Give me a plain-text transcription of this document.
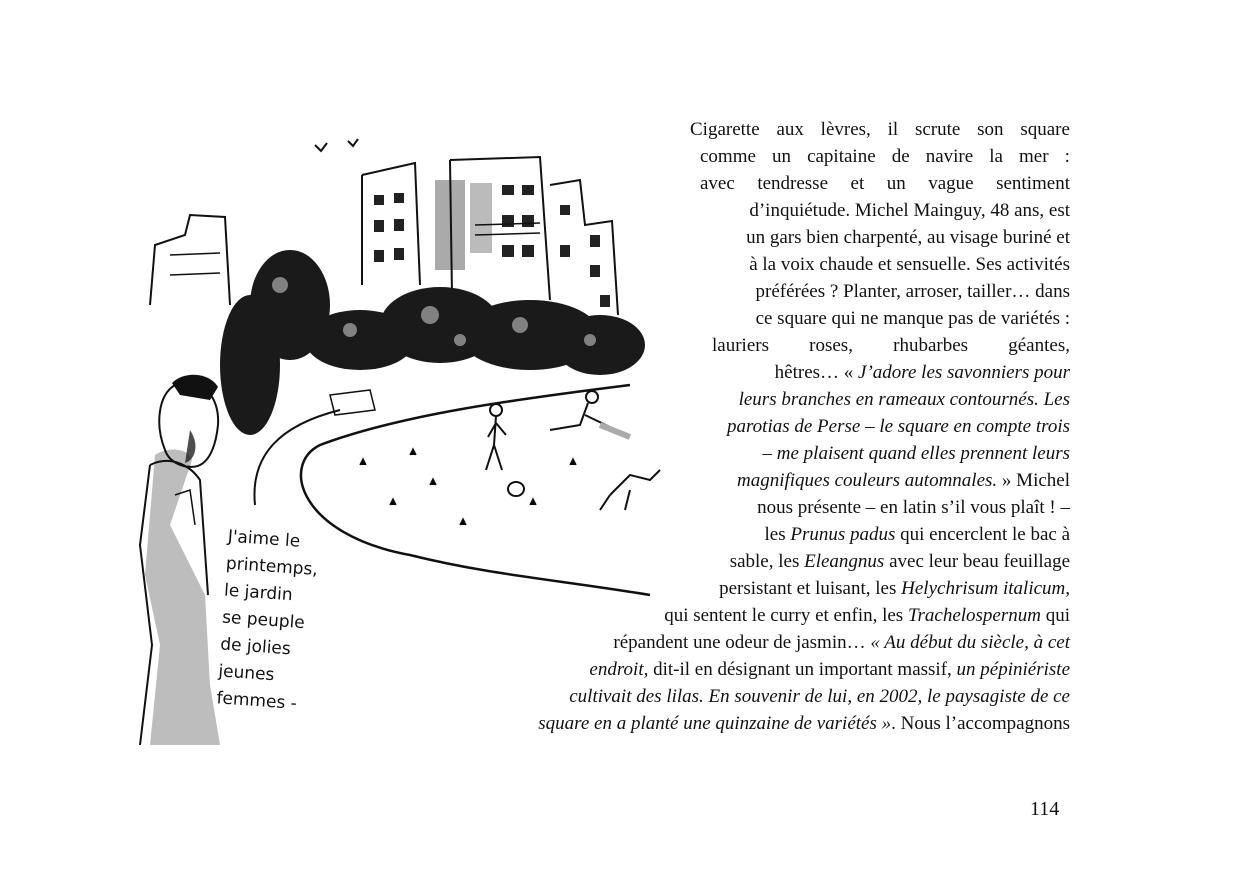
J'aime le
printemps,
le jardin
se peuple
de jolies
jeunes
femmes -
Cigarette aux lèvres, il scrute son square
comme un capitaine de navire la mer :
avec tendresse et un vague sentiment
d’inquiétude. Michel Mainguy, 48 ans, est
un gars bien charpenté, au visage buriné et
à la voix chaude et sensuelle. Ses activités
préférées ? Planter, arroser, tailler… dans
ce square qui ne manque pas de variétés :
lauriers roses, rhubarbes géantes,
hêtres… « J’adore les savonniers pour
leurs branches en rameaux contournés. Les
parotias de Perse – le square en compte trois
– me plaisent quand elles prennent leurs
magnifiques couleurs automnales. » Michel
nous présente – en latin s’il vous plaît ! –
les Prunus padus qui encerclent le bac à
sable, les Eleangnus avec leur beau feuillage
persistant et luisant, les Helychrisum italicum,
qui sentent le curry et enfin, les Trachelospernum qui
répandent une odeur de jasmin… « Au début du siècle, à cet
endroit, dit-il en désignant un important massif, un pépiniériste
cultivait des lilas. En souvenir de lui, en 2002, le paysagiste de ce
square en a planté une quinzaine de variétés ». Nous l’accompagnons
114
